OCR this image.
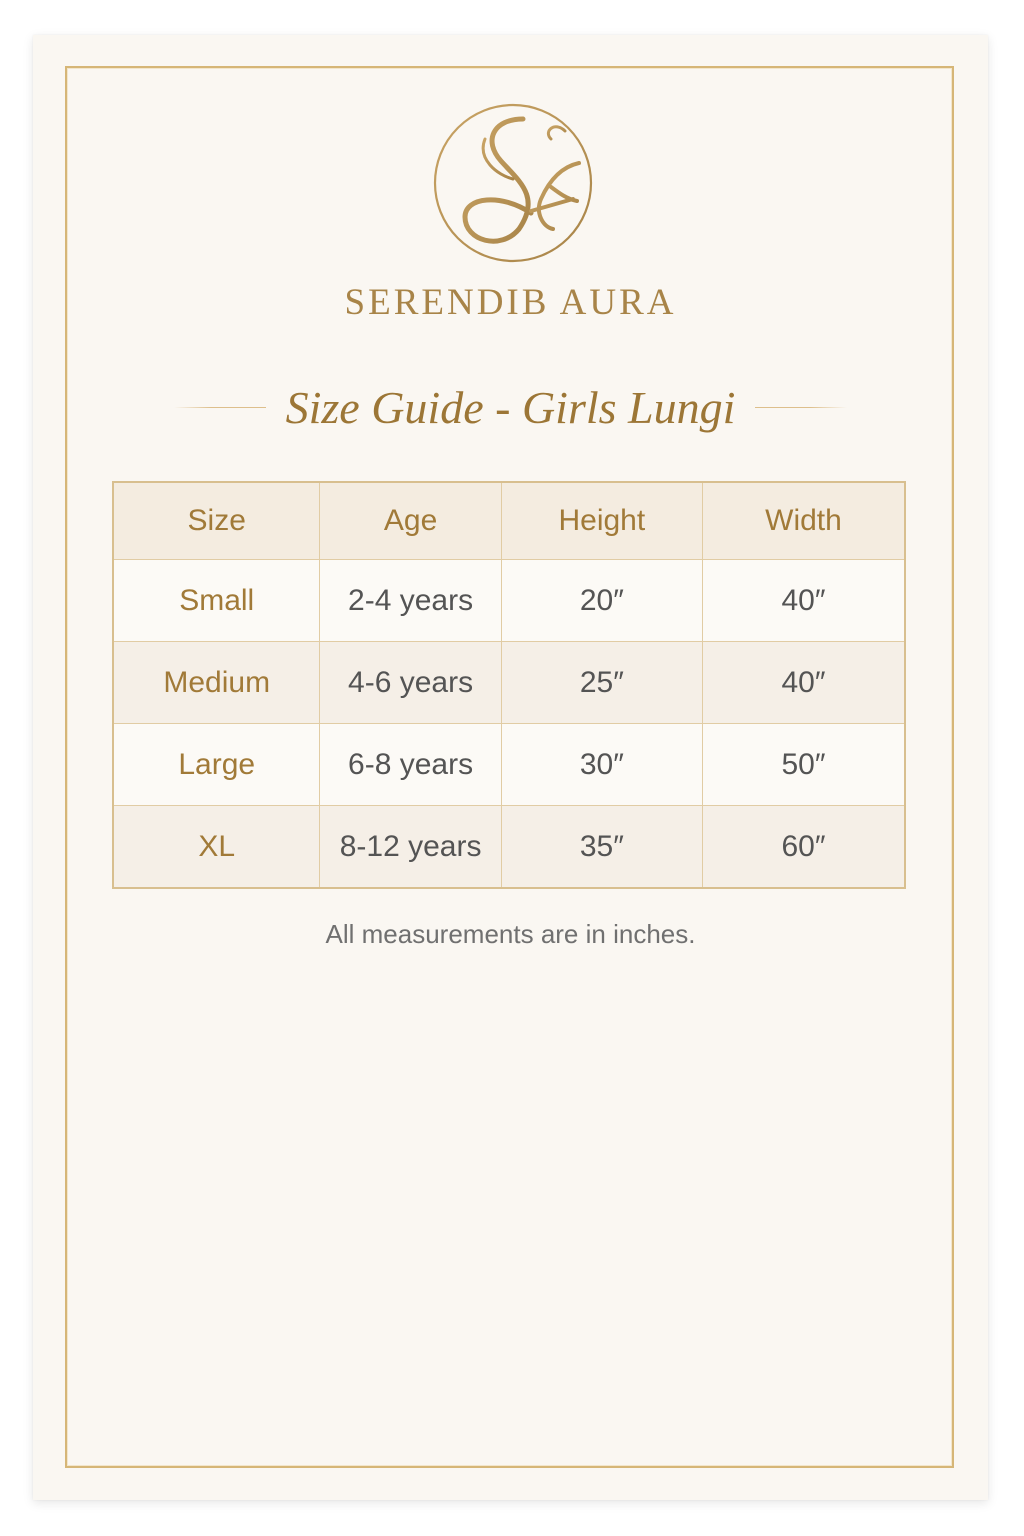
SERENDIB AURA
Size Guide - Girls Lungi
Size	Age	Height	Width
Small	2-4 years	20″	40″
Medium	4-6 years	25″	40″
Large	6-8 years	30″	50″
XL	8-12 years	35″	60″
All measurements are in inches.
